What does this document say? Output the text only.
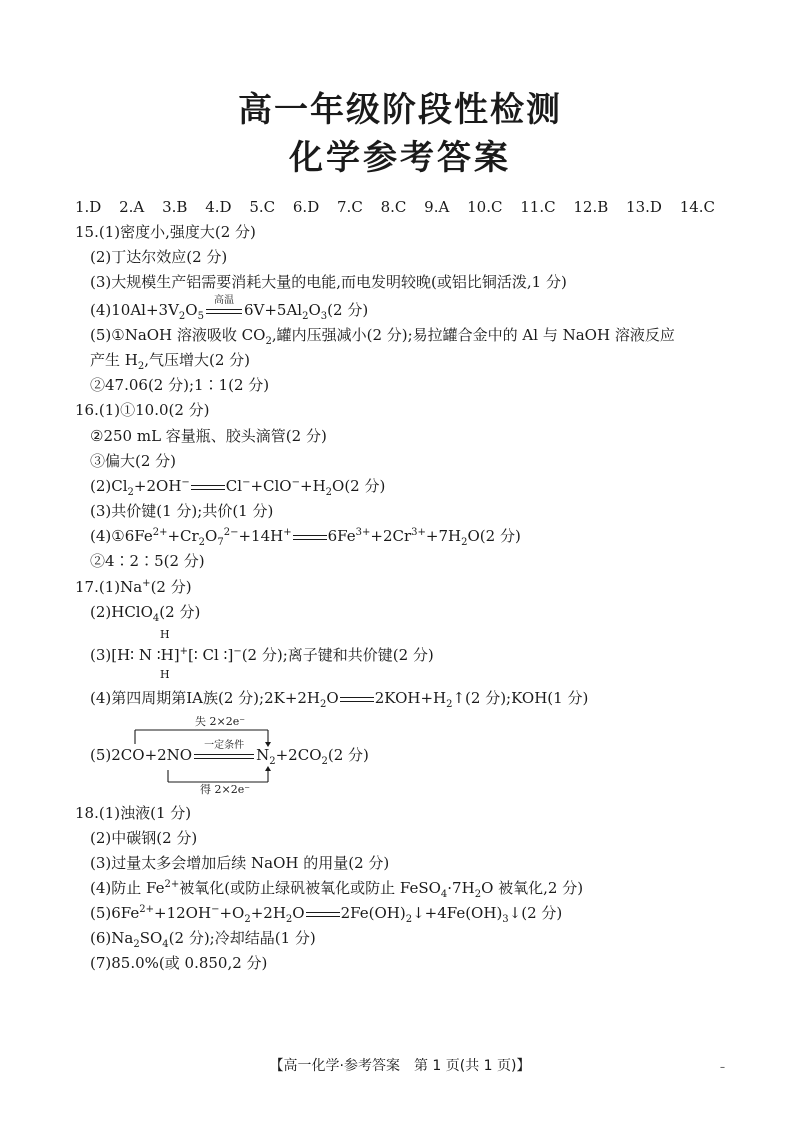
高一年级阶段性检测
化学参考答案
1.D 2.A 3.B 4.D 5.C 6.D 7.C 8.C 9.A 10.C 11.C 12.B 13.D 14.C
15.(1)密度小,强度大(2 分)
(2)丁达尔效应(2 分)
(3)大规模生产铝需要消耗大量的电能,而电发明较晚(或铝比铜活泼,1 分)
$(4)10Al+3V_2O_5$
高温
$6V+5Al_2O_3(2$ 分)
(5)①NaOH 溶液吸收 $CO_2$,罐内压强减小(2 分);易拉罐合金中的 Al 与 NaOH 溶液反应
产生 $H_2$,气压增大(2 分)
②47.06(2 分);1∶1(2 分)
16.(1)①10.0(2 分)
②250 mL 容量瓶、胶头滴管(2 分)
③偏大(2 分)
$(2)Cl_2+2OH^-$ $Cl^-+ClO^-+H_2O(2$ 分)
(3)共价键(1 分);共价(1 分)
$(4)①6Fe^{2+}+Cr_2O_7^{2-}+14H^+$ $6Fe^{3+}+2Cr^{3+}+7H_2O(2$ 分)
②4∶2∶5(2 分)
17.(1)Na+(2 分)
(2)HClO$_4$(2 分)
H
(3)[H∶ N ∶H]+[∶ Cl ∶]−(2 分);离子键和共价键(2 分)
H
(4)第四周期第ⅠA族(2 分)$;2K+2H_2O$ $2KOH+H_2↑(2$ 分);KOH(1 分)
失 2×2e⁻
(5)2CO+2NO
一定条件
$N_2+2CO_2(2$ 分)
得 2×2e⁻
18.(1)浊液(1 分)
(2)中碳钢(2 分)
(3)过量太多会增加后续 NaOH 的用量(2 分)
(4)防止 $Fe^{2+}$被氧化(或防止绿矾被氧化或防止 $FeSO_4\cdot 7H_2O$ 被氧化,2 分)
$(5)6Fe^{2+}+12OH^-+O_2+2H_2O$ $2Fe(OH)_2↓+4Fe(OH)_3↓(2$ 分)
$(6)Na_2SO_4(2$ 分);冷却结晶(1 分)
(7)85.0%(或 0.850,2 分)
【高一化学·参考答案　第 1 页(共 1 页)】	–
